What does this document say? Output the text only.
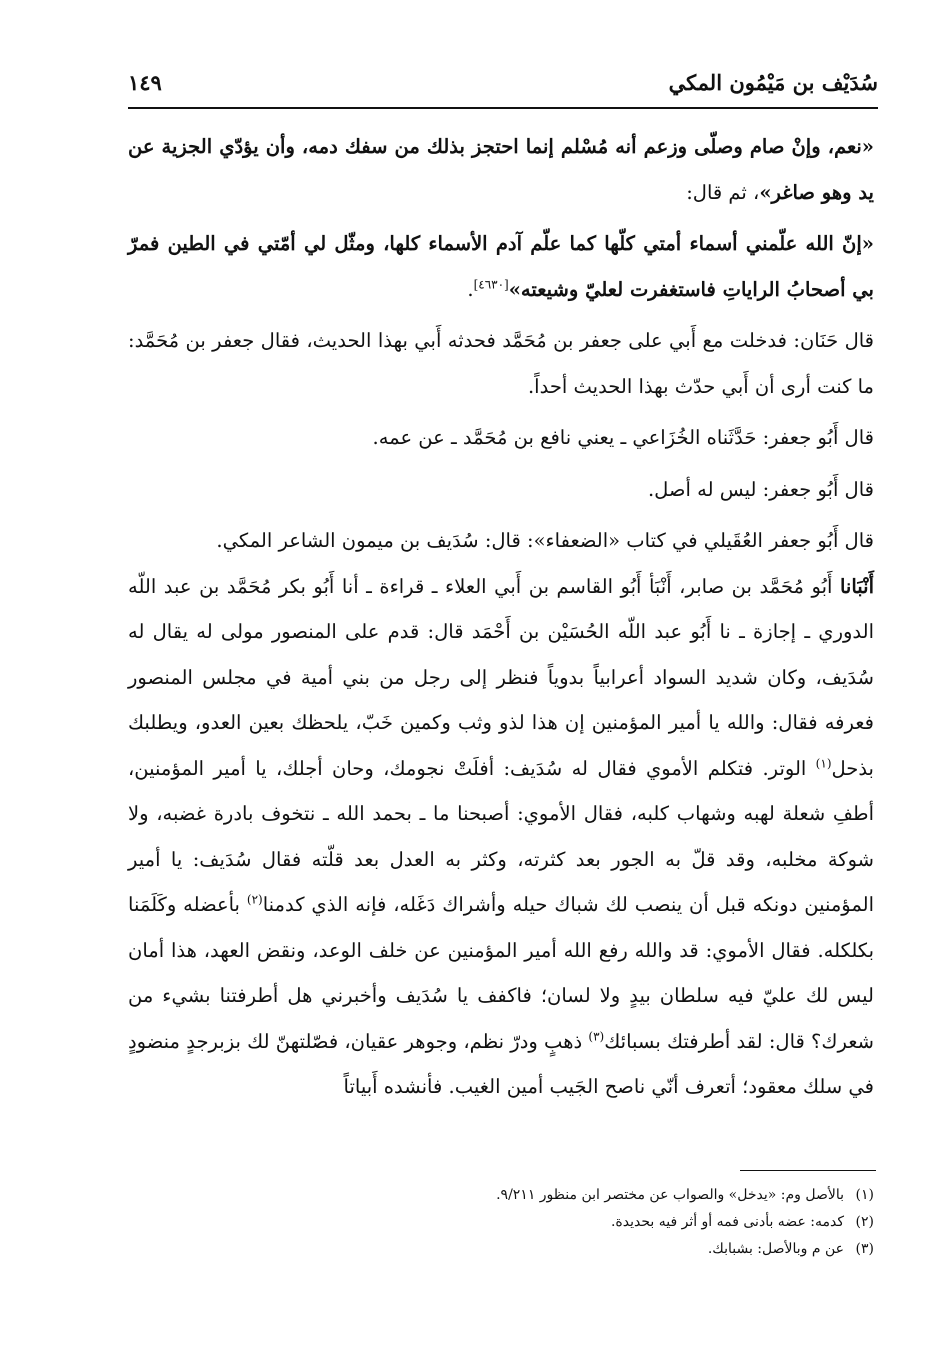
سُدَيْف بن مَيْمُون المكي
١٤٩

«نعم، وإنْ صام وصلّى وزعم أنه مُسْلم إنما احتجز بذلك من سفك دمه، وأن يؤدّي الجزية عن يد وهو صاغر»، ثم قال:

«إنّ الله علّمني أسماء أمتي كلّها كما علّم آدم الأسماء كلها، ومثّل لي أمّتي في الطين فمرّ بي أصحابُ الراياتِ فاستغفرت لعليّ وشيعته»[٤٦٣٠].

قال حَنَان: فدخلت مع أَبي على جعفر بن مُحَمَّد فحدثه أَبي بهذا الحديث، فقال جعفر بن مُحَمَّد: ما كنت أرى أن أَبي حدّث بهذا الحديث أحداً.

قال أَبُو جعفر: حَدَّثَناه الخُزَاعي ـ يعني نافع بن مُحَمَّد ـ عن عمه.

قال أَبُو جعفر: ليس له أصل.

قال أَبُو جعفر العُقَيلي في كتاب «الضعفاء»: قال: سُدَيف بن ميمون الشاعر المكي.

أَنْبَانا أَبُو مُحَمَّد بن صابر، أَنْبَأ أَبُو القاسم بن أَبي العلاء ـ قراءة ـ أنا أَبُو بكر مُحَمَّد بن عبد اللّه الدوري ـ إجازة ـ نا أَبُو عبد اللّه الحُسَيْن بن أَحْمَد قال: قدم على المنصور مولى له يقال له سُدَيف، وكان شديد السواد أعرابياً بدوياً فنظر إلى رجل من بني أمية في مجلس المنصور فعرفه فقال: والله يا أمير المؤمنين إن هذا لذو وثب وكمين خَبّ، يلحظك بعين العدو، ويطلبك بذحل$^{(١)}$ الوتر. فتكلم الأموي فقال له سُدَيف: أفلَتْ نجومك، وحان أجلك، يا أمير المؤمنين، أطفِ شعلة لهبه وشهاب كلبه، فقال الأموي: أصبحنا ما ـ بحمد الله ـ نتخوف بادرة غضبه، ولا شوكة مخلبه، وقد قلّ به الجور بعد كثرته، وكثر به العدل بعد قلّته فقال سُدَيف: يا أمير المؤمنين دونكه قبل أن ينصب لك شباك حيله وأشراك دَغَله، فإنه الذي كدمنا$^{(٢)}$ بأعضله وكَلَمَنا بكلكله. فقال الأموي: قد والله رفع الله أمير المؤمنين عن خلف الوعد، ونقض العهد، هذا أمان ليس لك عليّ فيه سلطان بيدٍ ولا لسان؛ فاكفف يا سُدَيف وأخبرني هل أطرفتنا بشيء من شعرك؟ قال: لقد أطرفتك بسبائك$^{(٣)}$ ذهبٍ ودرّ نظم، وجوهر عقيان، فصّلتهنّ لك بزبرجدٍ منضودٍ في سلك معقود؛ أتعرف أنّي ناصح الجَيب أمين الغيب. فأنشده أَبياتاً

(١)بالأصل وم: «يدخل» والصواب عن مختصر ابن منظور ٩/٢١١.
(٢)كدمه: عضه بأدنى فمه أو أثر فيه بحديدة.
(٣)عن م وبالأصل: بشبابك.
